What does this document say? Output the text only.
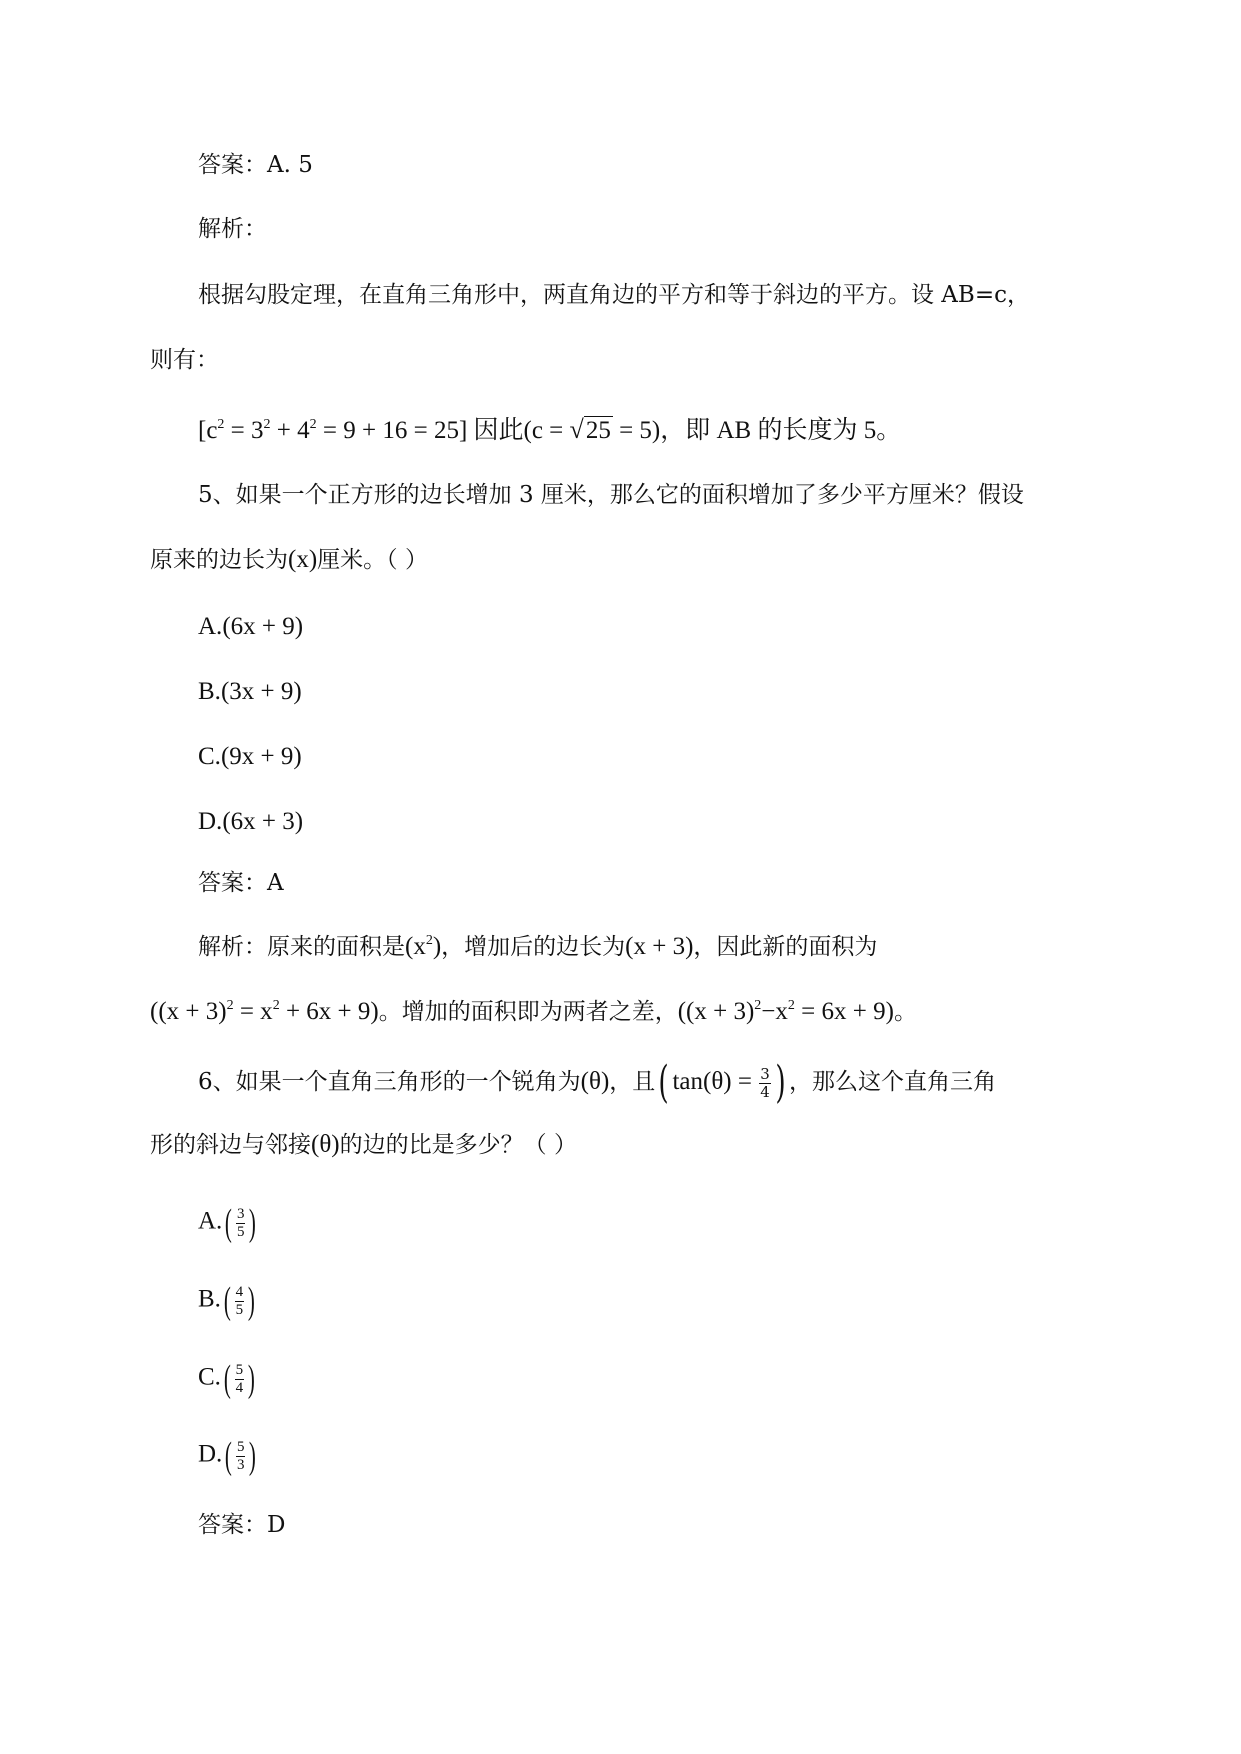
答案：A. 5
解析：
根据勾股定理，在直角三角形中，两直角边的平方和等于斜边的平方。设 AB=c，
则有：
$[c^2 = 3^2 + 4^2 = 9 + 16 = 25]$ 因此(c = √25 = 5)，即 AB 的长度为 5。
5、如果一个正方形的边长增加 3 厘米，那么它的面积增加了多少平方厘米？假设
原来的边长为(x)厘米。（ ）
A.(6x + 9)
B.(3x + 9)
C.(9x + 9)
D.(6x + 3)
答案：A
解析：原来的面积是$(x^2)$，增加后的边长为(x + 3)，因此新的面积为
$((x + 3)^2 = x^2 + 6x + 9)$。增加的面积即为两者之差，$((x + 3)^2-x^2 = 6x + 9)$。
6、如果一个直角三角形的一个锐角为(θ)，且( $\tan(\theta) = \frac{3}{4}$ ) ，那么这个直角三角
形的斜边与邻接(θ)的边的比是多少？（ ）
$A.( \frac{3}{5}$ )
$B.( \frac{4}{5}$ )
$C.( \frac{5}{4}$ )
$D.( \frac{5}{3}$ )
答案：D
